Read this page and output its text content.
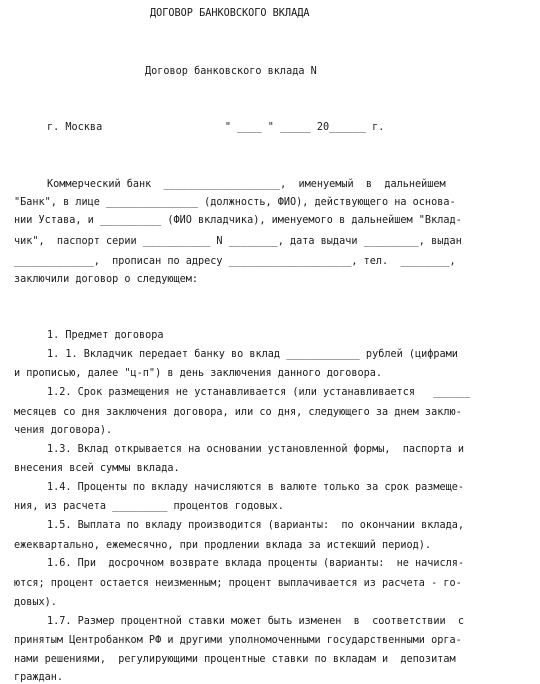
ДОГОВОР БАНКОВСКОГО ВКЛАДА
Договор банковского вклада N
г. Москва                    " ____ " _____ 20______ г.
Коммерческий банк  ___________________,  именуемый  в  дальнейшем
"Банк", в лице _______________ (должность, ФИО), действующего на основа-
нии Устава, и __________ (ФИО вкладчика), именуемого в дальнейшем "Вклад-
чик",  паспорт серии ___________ N ________, дата выдачи _________, выдан
_____________,  прописан по адресу ____________________, тел.  ________,
заключили договор о следующем:
1. Предмет договора
1. 1. Вкладчик передает банку во вклад ____________ рублей (цифрами
и прописью, далее "ц-п") в день заключения данного договора.
1.2. Срок размещения не устанавливается (или устанавливается   ______
месяцев со дня заключения договора, или со дня, следующего за днем заклю-
чения договора).
1.3. Вклад открывается на основании установленной формы,  паспорта и
внесения всей суммы вклада.
1.4. Проценты по вкладу начисляются в валюте только за срок размеще-
ния, из расчета _________ процентов годовых.
1.5. Выплата по вкладу производится (варианты:  по окончании вклада,
ежеквартально, ежемесячно, при продлении вклада за истекший период).
1.6. При  досрочном возврате вклада проценты (варианты:  не начисля-
ются; процент остается неизменным; процент выплачивается из расчета - го-
довых).
1.7. Размер процентной ставки может быть изменен  в  соответствии  с
принятым Центробанком РФ и другими уполномоченными государственными орга-
нами решениями,  регулирующими процентные ставки по вкладам и  депозитам
граждан.
